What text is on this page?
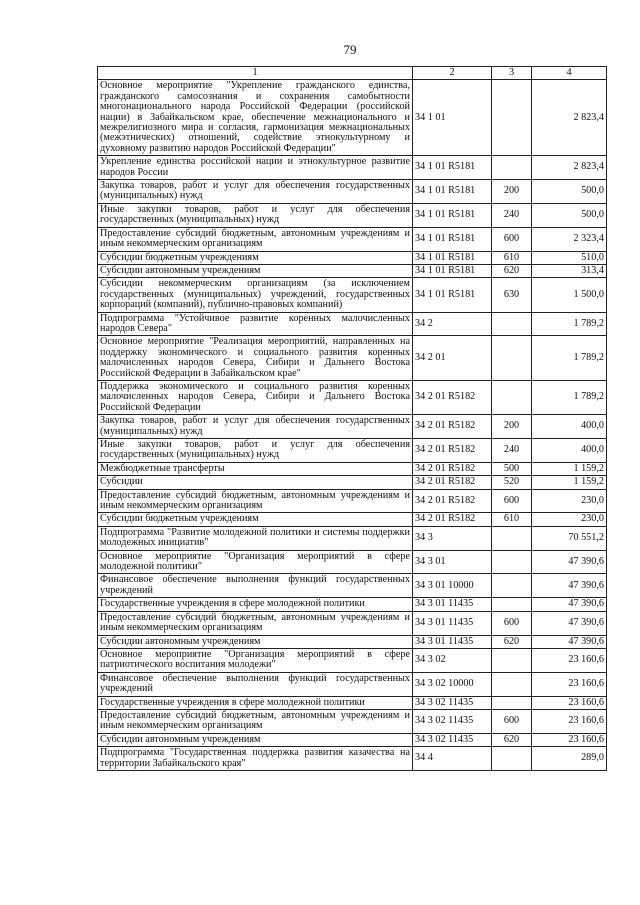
79
1	2	3	4
Основное мероприятие "Укрепление гражданского единства, гражданского самосознания и сохранения самобытности многонационального народа Российской Федерации (российской нации) в Забайкальском крае, обеспечение межнационального и межрелигиозного мира и согласия, гармонизация межнациональных (межэтнических) отношений, содействие этнокультурному и духовному развитию народов Российской Федерации"	34 1 01		2 823,4
Укрепление единства российской нации и этнокультурное развитие народов России	34 1 01 R5181		2 823,4
Закупка товаров, работ и услуг для обеспечения государственных (муниципальных) нужд	34 1 01 R5181	200	500,0
Иные закупки товаров, работ и услуг для обеспечения государственных (муниципальных) нужд	34 1 01 R5181	240	500,0
Предоставление субсидий бюджетным, автономным учреждениям и иным некоммерческим организациям	34 1 01 R5181	600	2 323,4
Субсидии бюджетным учреждениям	34 1 01 R5181	610	510,0
Субсидии автономным учреждениям	34 1 01 R5181	620	313,4
Субсидии некоммерческим организациям (за исключением государственных (муниципальных) учреждений, государственных корпораций (компаний), публично-правовых компаний)	34 1 01 R5181	630	1 500,0
Подпрограмма "Устойчивое развитие коренных малочисленных народов Севера"	34 2		1 789,2
Основное мероприятие "Реализация мероприятий, направленных на поддержку экономического и социального развития коренных малочисленных народов Севера, Сибири и Дальнего Востока Российской Федерации в Забайкальском крае"	34 2 01		1 789,2
Поддержка экономического и социального развития коренных малочисленных народов Севера, Сибири и Дальнего Востока Российской Федерации	34 2 01 R5182		1 789,2
Закупка товаров, работ и услуг для обеспечения государственных (муниципальных) нужд	34 2 01 R5182	200	400,0
Иные закупки товаров, работ и услуг для обеспечения государственных (муниципальных) нужд	34 2 01 R5182	240	400,0
Межбюджетные трансферты	34 2 01 R5182	500	1 159,2
Субсидии	34 2 01 R5182	520	1 159,2
Предоставление субсидий бюджетным, автономным учреждениям и иным некоммерческим организациям	34 2 01 R5182	600	230,0
Субсидии бюджетным учреждениям	34 2 01 R5182	610	230,0
Подпрограмма "Развитие молодежной политики и системы поддержки молодежных инициатив"	34 3		70 551,2
Основное мероприятие "Организация мероприятий в сфере молодежной политики"	34 3 01		47 390,6
Финансовое обеспечение выполнения функций государственных учреждений	34 3 01 10000		47 390,6
Государственные учреждения в сфере молодежной политики	34 3 01 11435		47 390,6
Предоставление субсидий бюджетным, автономным учреждениям и иным некоммерческим организациям	34 3 01 11435	600	47 390,6
Субсидии автономным учреждениям	34 3 01 11435	620	47 390,6
Основное мероприятие "Организация мероприятий в сфере патриотического воспитания молодежи"	34 3 02		23 160,6
Финансовое обеспечение выполнения функций государственных учреждений	34 3 02 10000		23 160,6
Государственные учреждения в сфере молодежной политики	34 3 02 11435		23 160,6
Предоставление субсидий бюджетным, автономным учреждениям и иным некоммерческим организациям	34 3 02 11435	600	23 160,6
Субсидии автономным учреждениям	34 3 02 11435	620	23 160,6
Подпрограмма "Государственная поддержка развития казачества на территории Забайкальского края"	34 4		289,0
